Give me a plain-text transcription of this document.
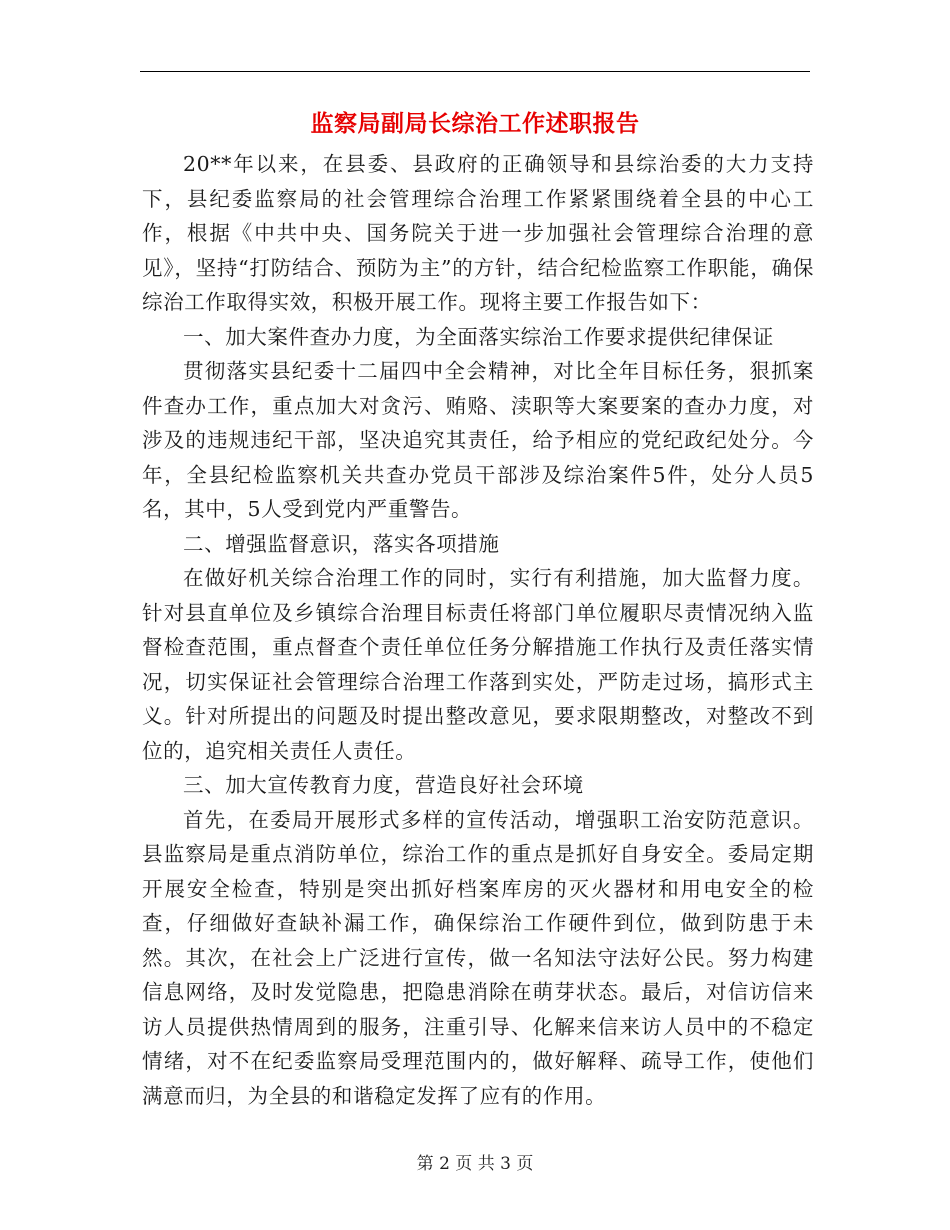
监察局副局长综治工作述职报告

20**年以来，在县委、县政府的正确领导和县综治委的大力支持下，县纪委监察局的社会管理综合治理工作紧紧围绕着全县的中心工作，根据《中共中央、国务院关于进一步加强社会管理综合治理的意见》，坚持“打防结合、预防为主”的方针，结合纪检监察工作职能，确保综治工作取得实效，积极开展工作。现将主要工作报告如下：

一、加大案件查办力度，为全面落实综治工作要求提供纪律保证

贯彻落实县纪委十二届四中全会精神，对比全年目标任务，狠抓案件查办工作，重点加大对贪污、贿赂、渎职等大案要案的查办力度，对涉及的违规违纪干部，坚决追究其责任，给予相应的党纪政纪处分。今年，全县纪检监察机关共查办党员干部涉及综治案件5件，处分人员5名，其中，5人受到党内严重警告。

二、增强监督意识，落实各项措施

在做好机关综合治理工作的同时，实行有利措施，加大监督力度。针对县直单位及乡镇综合治理目标责任将部门单位履职尽责情况纳入监督检查范围，重点督查个责任单位任务分解措施工作执行及责任落实情况，切实保证社会管理综合治理工作落到实处，严防走过场，搞形式主义。针对所提出的问题及时提出整改意见，要求限期整改，对整改不到位的，追究相关责任人责任。

三、加大宣传教育力度，营造良好社会环境

首先，在委局开展形式多样的宣传活动，增强职工治安防范意识。县监察局是重点消防单位，综治工作的重点是抓好自身安全。委局定期开展安全检查，特别是突出抓好档案库房的灭火器材和用电安全的检查，仔细做好查缺补漏工作，确保综治工作硬件到位，做到防患于未然。其次，在社会上广泛进行宣传，做一名知法守法好公民。努力构建信息网络，及时发觉隐患，把隐患消除在萌芽状态。最后，对信访信来访人员提供热情周到的服务，注重引导、化解来信来访人员中的不稳定情绪，对不在纪委监察局受理范围内的，做好解释、疏导工作，使他们满意而归，为全县的和谐稳定发挥了应有的作用。

第 2 页 共 3 页
